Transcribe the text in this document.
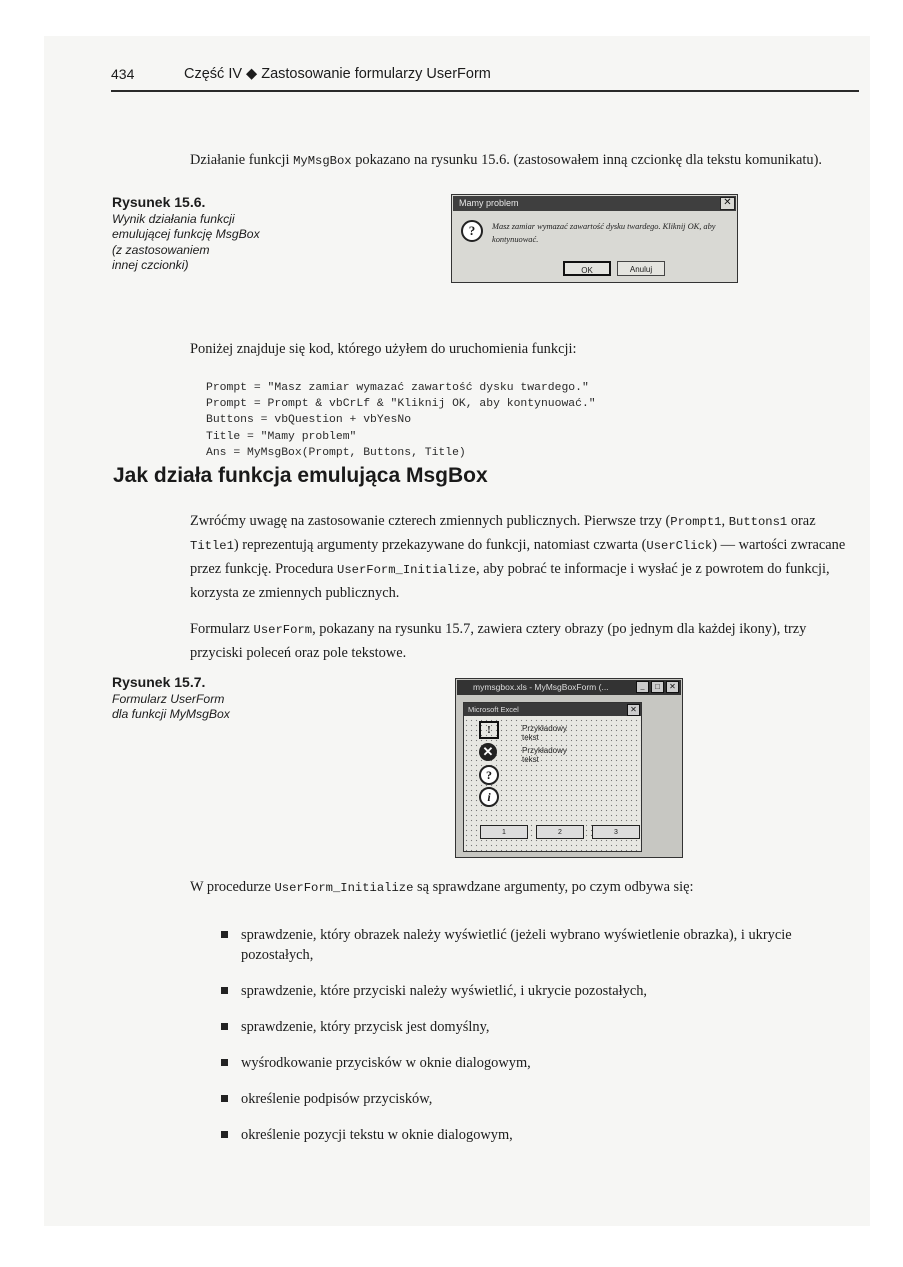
434	Część IV ◆ Zastosowanie formularzy UserForm
Działanie funkcji MyMsgBox pokazano na rysunku 15.6. (zastosowałem inną czcionkę dla tekstu komunikatu).
Rysunek 15.6.
Wynik działania funkcji
emulującej funkcję MsgBox
(z zastosowaniem
innej czcionki)
Mamy problem	✕
?	Masz zamiar wymazać zawartość dysku twardego. Kliknij OK, aby kontynuować.
OK	Anuluj
Poniżej znajduje się kod, którego użyłem do uruchomienia funkcji:
Prompt = "Masz zamiar wymazać zawartość dysku twardego."
Prompt = Prompt & vbCrLf & "Kliknij OK, aby kontynuować."
Buttons = vbQuestion + vbYesNo
Title = "Mamy problem"
Ans = MyMsgBox(Prompt, Buttons, Title)
Jak działa funkcja emulująca MsgBox
Zwróćmy uwagę na zastosowanie czterech zmiennych publicznych. Pierwsze trzy (Prompt1, Buttons1 oraz Title1) reprezentują argumenty przekazywane do funkcji, natomiast czwarta (UserClick) — wartości zwracane przez funkcję. Procedura UserForm_Initialize, aby pobrać te informacje i wysłać je z powrotem do funkcji, korzysta ze zmiennych publicznych.
Formularz UserForm, pokazany na rysunku 15.7, zawiera cztery obrazy (po jednym dla każdej ikony), trzy przyciski poleceń oraz pole tekstowe.
Rysunek 15.7.
Formularz UserForm
dla funkcji MyMsgBox
mymsgbox.xls - MyMsgBoxForm (...	_	□	✕
Microsoft Excel	✕
!
✕
?
i
Przykładowy tekst
Przykładowy tekst
1	2	3
W procedurze UserForm_Initialize są sprawdzane argumenty, po czym odbywa się:
sprawdzenie, który obrazek należy wyświetlić (jeżeli wybrano wyświetlenie obrazka), i ukrycie pozostałych,
sprawdzenie, które przyciski należy wyświetlić, i ukrycie pozostałych,
sprawdzenie, który przycisk jest domyślny,
wyśrodkowanie przycisków w oknie dialogowym,
określenie podpisów przycisków,
określenie pozycji tekstu w oknie dialogowym,
